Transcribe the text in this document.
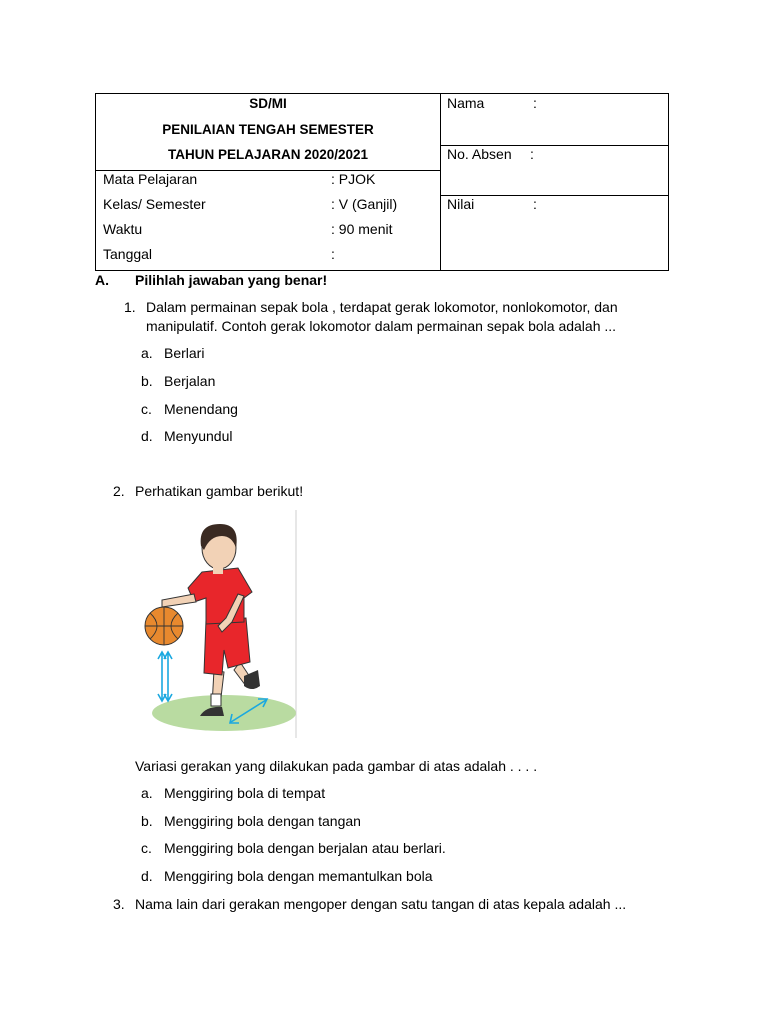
SD/MI
PENILAIAN TENGAH SEMESTER
TAHUN PELAJARAN 2020/2021
Mata Pelajaran	: PJOK
Kelas/ Semester	: V (Ganjil)
Waktu	: 90 menit
Tanggal	:
Nama	:
No. Absen :
Nilai	:
A. Pilihlah jawaban yang benar!
1. Dalam permainan sepak bola , terdapat gerak lokomotor, nonlokomotor, dan
manipulatif. Contoh gerak lokomotor dalam permainan sepak bola adalah ...
a. Berlari
b. Berjalan
c. Menendang
d. Menyundul
2. Perhatikan gambar berikut!
Variasi gerakan yang dilakukan pada gambar di atas adalah . . . .
a. Menggiring bola di tempat
b. Menggiring bola dengan tangan
c. Menggiring bola dengan berjalan atau berlari.
d. Menggiring bola dengan memantulkan bola
3. Nama lain dari gerakan mengoper dengan satu tangan di atas kepala adalah ...
